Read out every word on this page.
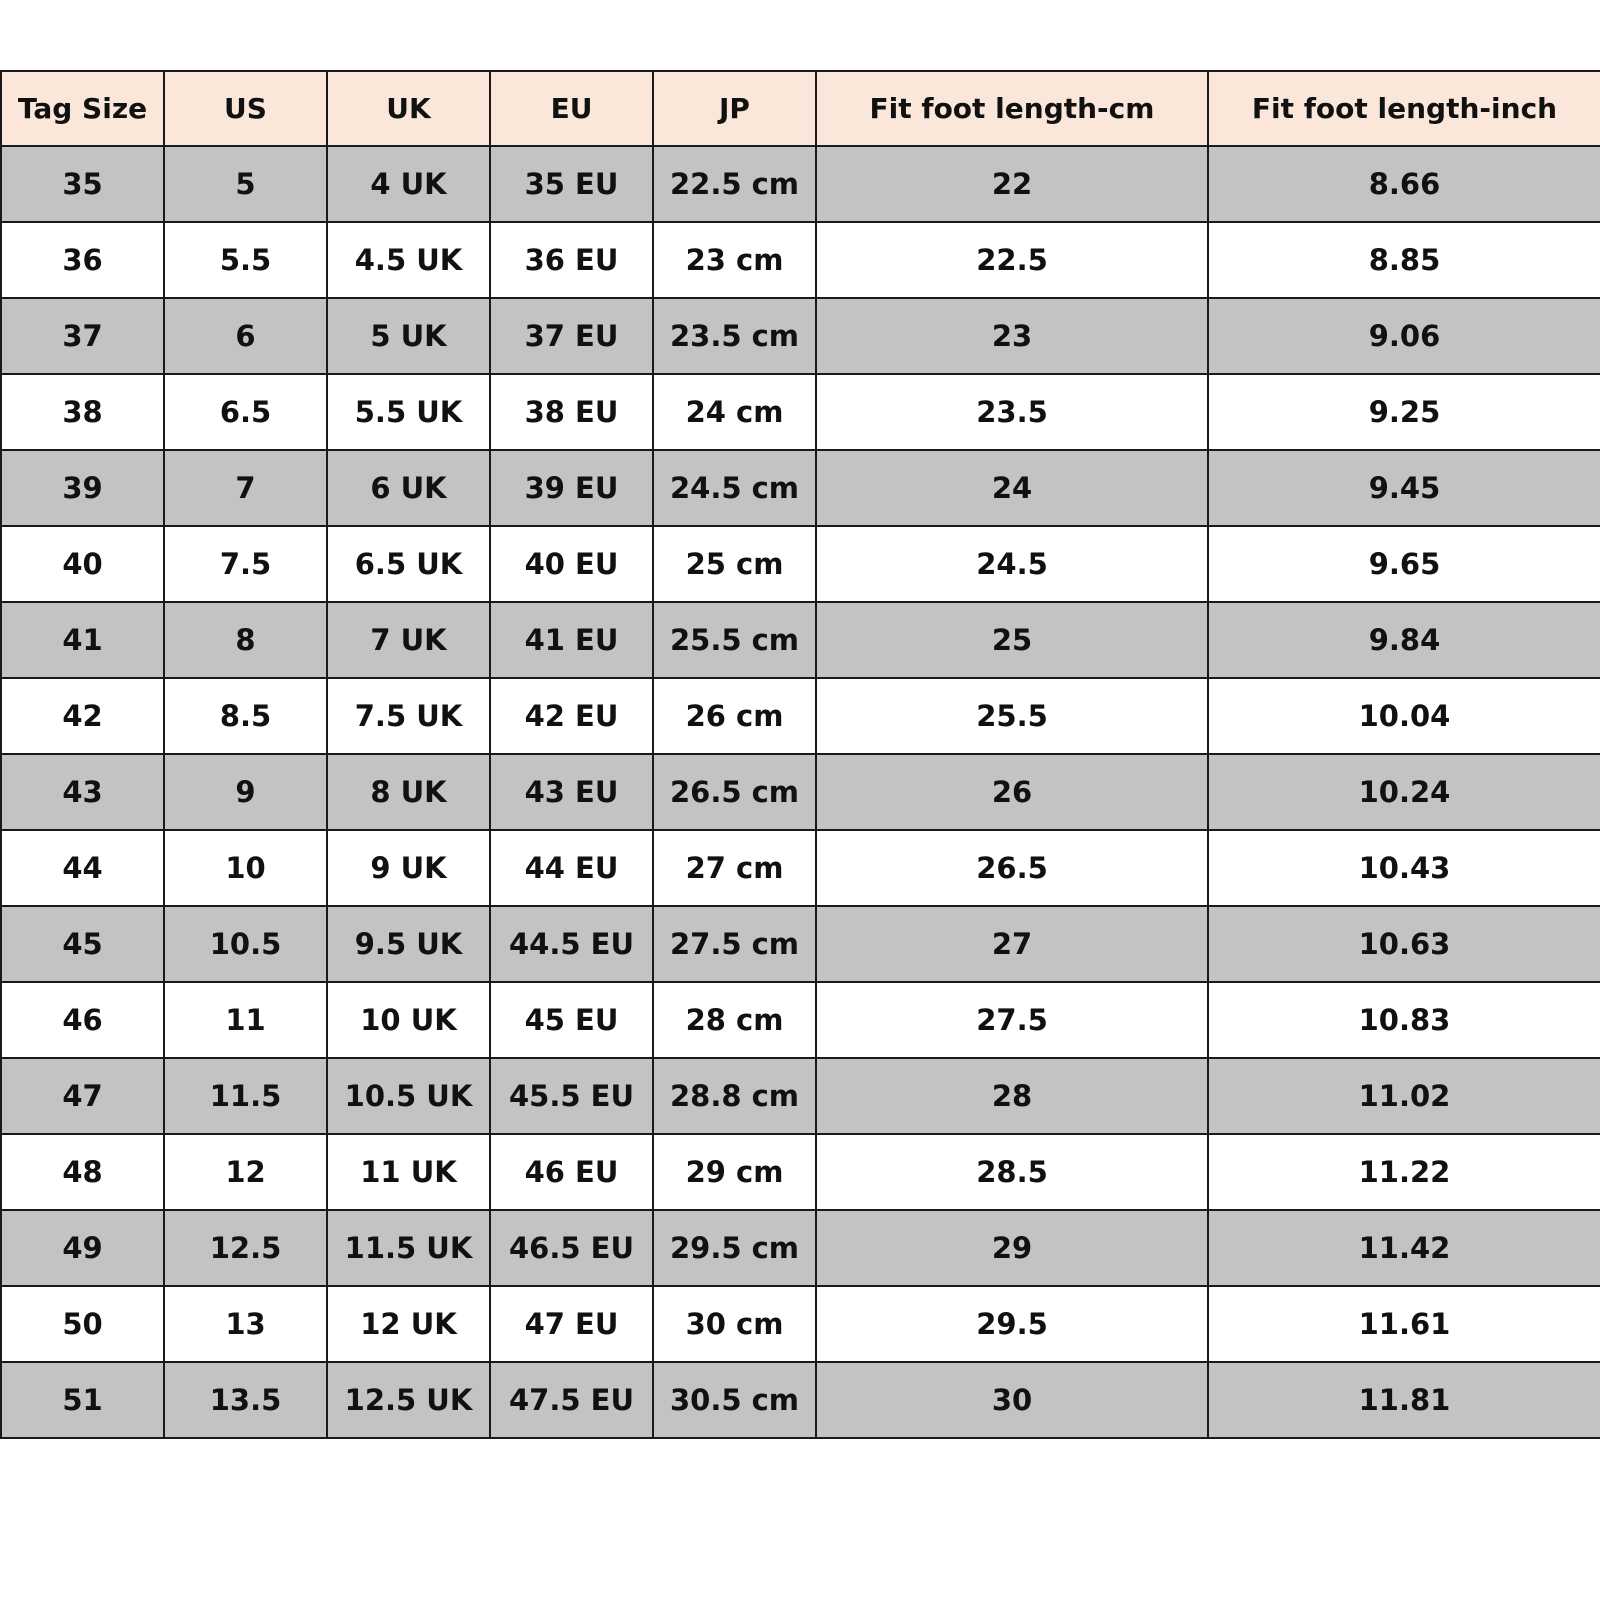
Tag Size	US	UK	EU	JP	Fit foot length-cm	Fit foot length-inch
35	5	4 UK	35 EU	22.5 cm	22	8.66
36	5.5	4.5 UK	36 EU	23 cm	22.5	8.85
37	6	5 UK	37 EU	23.5 cm	23	9.06
38	6.5	5.5 UK	38 EU	24 cm	23.5	9.25
39	7	6 UK	39 EU	24.5 cm	24	9.45
40	7.5	6.5 UK	40 EU	25 cm	24.5	9.65
41	8	7 UK	41 EU	25.5 cm	25	9.84
42	8.5	7.5 UK	42 EU	26 cm	25.5	10.04
43	9	8 UK	43 EU	26.5 cm	26	10.24
44	10	9 UK	44 EU	27 cm	26.5	10.43
45	10.5	9.5 UK	44.5 EU	27.5 cm	27	10.63
46	11	10 UK	45 EU	28 cm	27.5	10.83
47	11.5	10.5 UK	45.5 EU	28.8 cm	28	11.02
48	12	11 UK	46 EU	29 cm	28.5	11.22
49	12.5	11.5 UK	46.5 EU	29.5 cm	29	11.42
50	13	12 UK	47 EU	30 cm	29.5	11.61
51	13.5	12.5 UK	47.5 EU	30.5 cm	30	11.81
